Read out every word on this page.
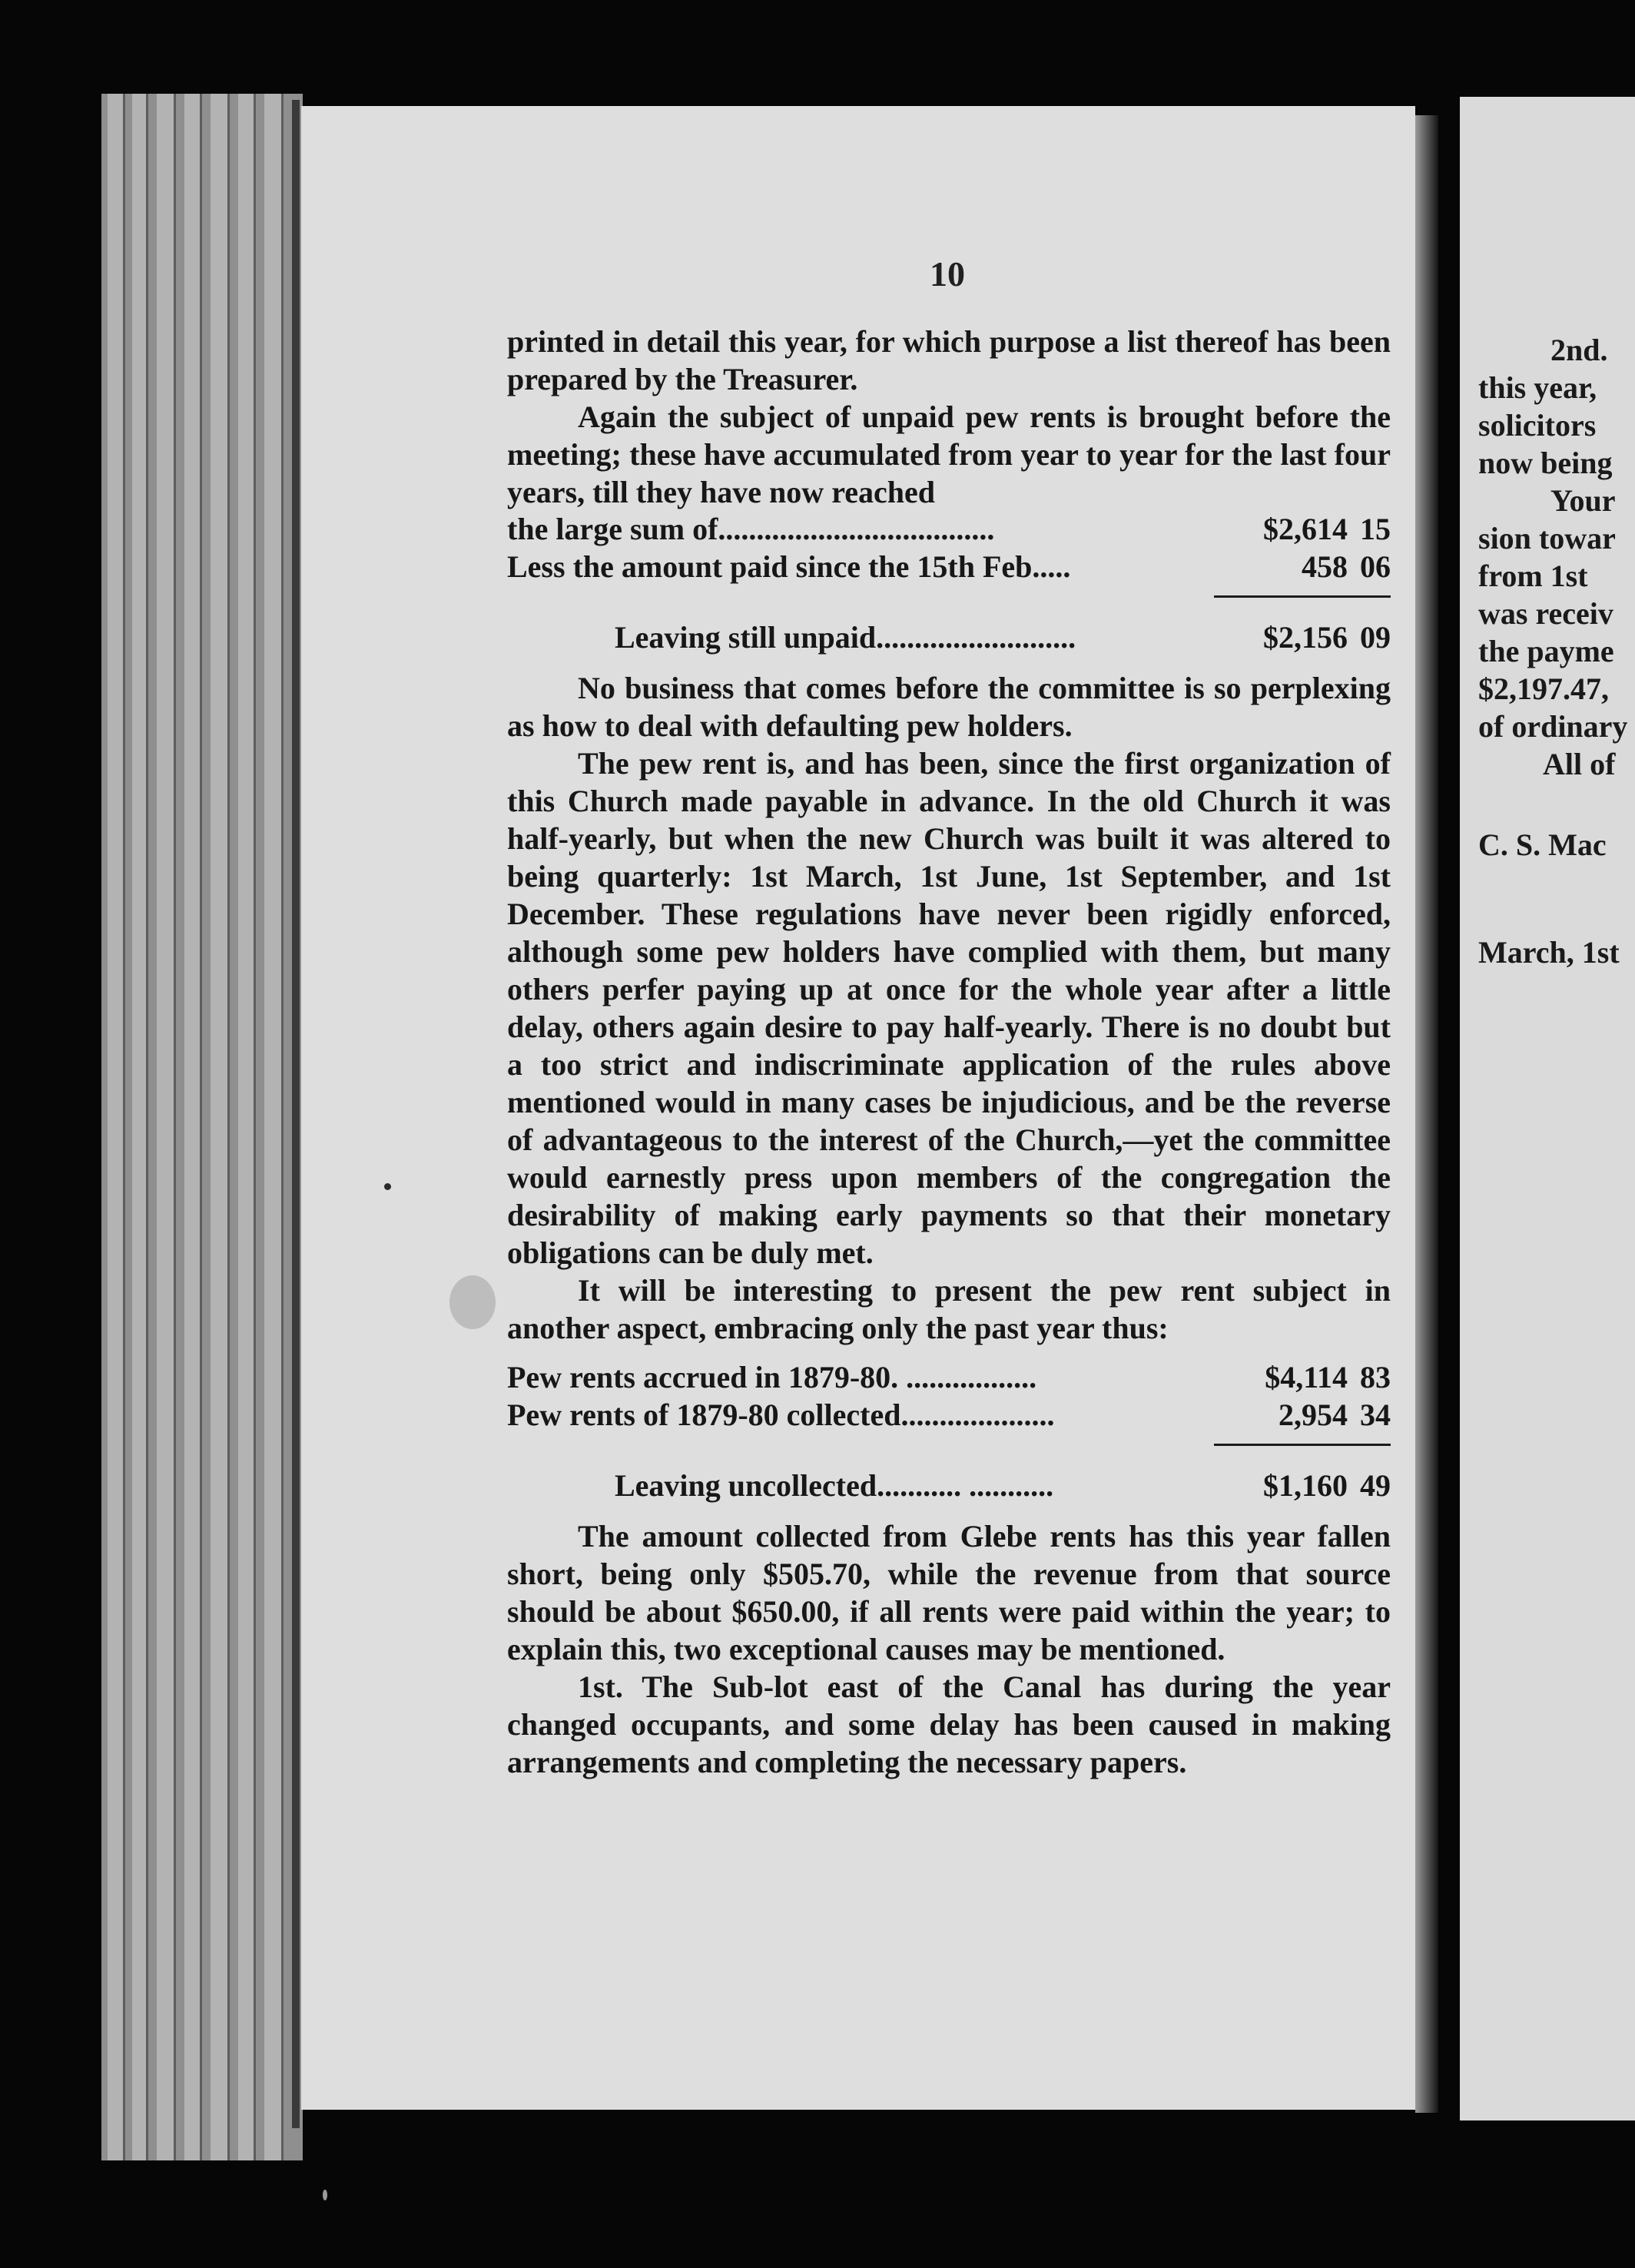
2nd.
this year,
solicitors
now being
Your
sion towar
from 1st
was receiv
the payme
$2,197.47,
of ordinary
All of
C. S. Mac
March, 1st
10

printed in detail this year, for which purpose a list thereof has been prepared by the Treasurer.

Again the subject of unpaid pew rents is brought before the meeting; these have accumulated from year to year for the last four years, till they have now reached

the large sum of....................................	$2,614 15
Less the amount paid since the 15th Feb.....	458 06
Leaving still unpaid..........................	$2,156 09

No business that comes before the committee is so perplexing as how to deal with defaulting pew holders.

The pew rent is, and has been, since the first organization of this Church made payable in advance. In the old Church it was half-yearly, but when the new Church was built it was altered to being quarterly: 1st March, 1st June, 1st September, and 1st December. These regulations have never been rigidly enforced, although some pew holders have complied with them, but many others perfer paying up at once for the whole year after a little delay, others again desire to pay half-yearly. There is no doubt but a too strict and indiscriminate application of the rules above mentioned would in many cases be injudicious, and be the reverse of advantageous to the interest of the Church,—yet the committee would earnestly press upon members of the congregation the desirability of making early payments so that their monetary obligations can be duly met.

It will be interesting to present the pew rent subject in another aspect, embracing only the past year thus:

Pew rents accrued in 1879-80. .................	$4,114 83
Pew rents of 1879-80 collected....................	2,954 34
Leaving uncollected........... ...........	$1,160 49

The amount collected from Glebe rents has this year fallen short, being only $505.70, while the revenue from that source should be about $650.00, if all rents were paid within the year; to explain this, two exceptional causes may be mentioned.

1st. The Sub-lot east of the Canal has during the year changed occupants, and some delay has been caused in making arrangements and completing the necessary papers.
